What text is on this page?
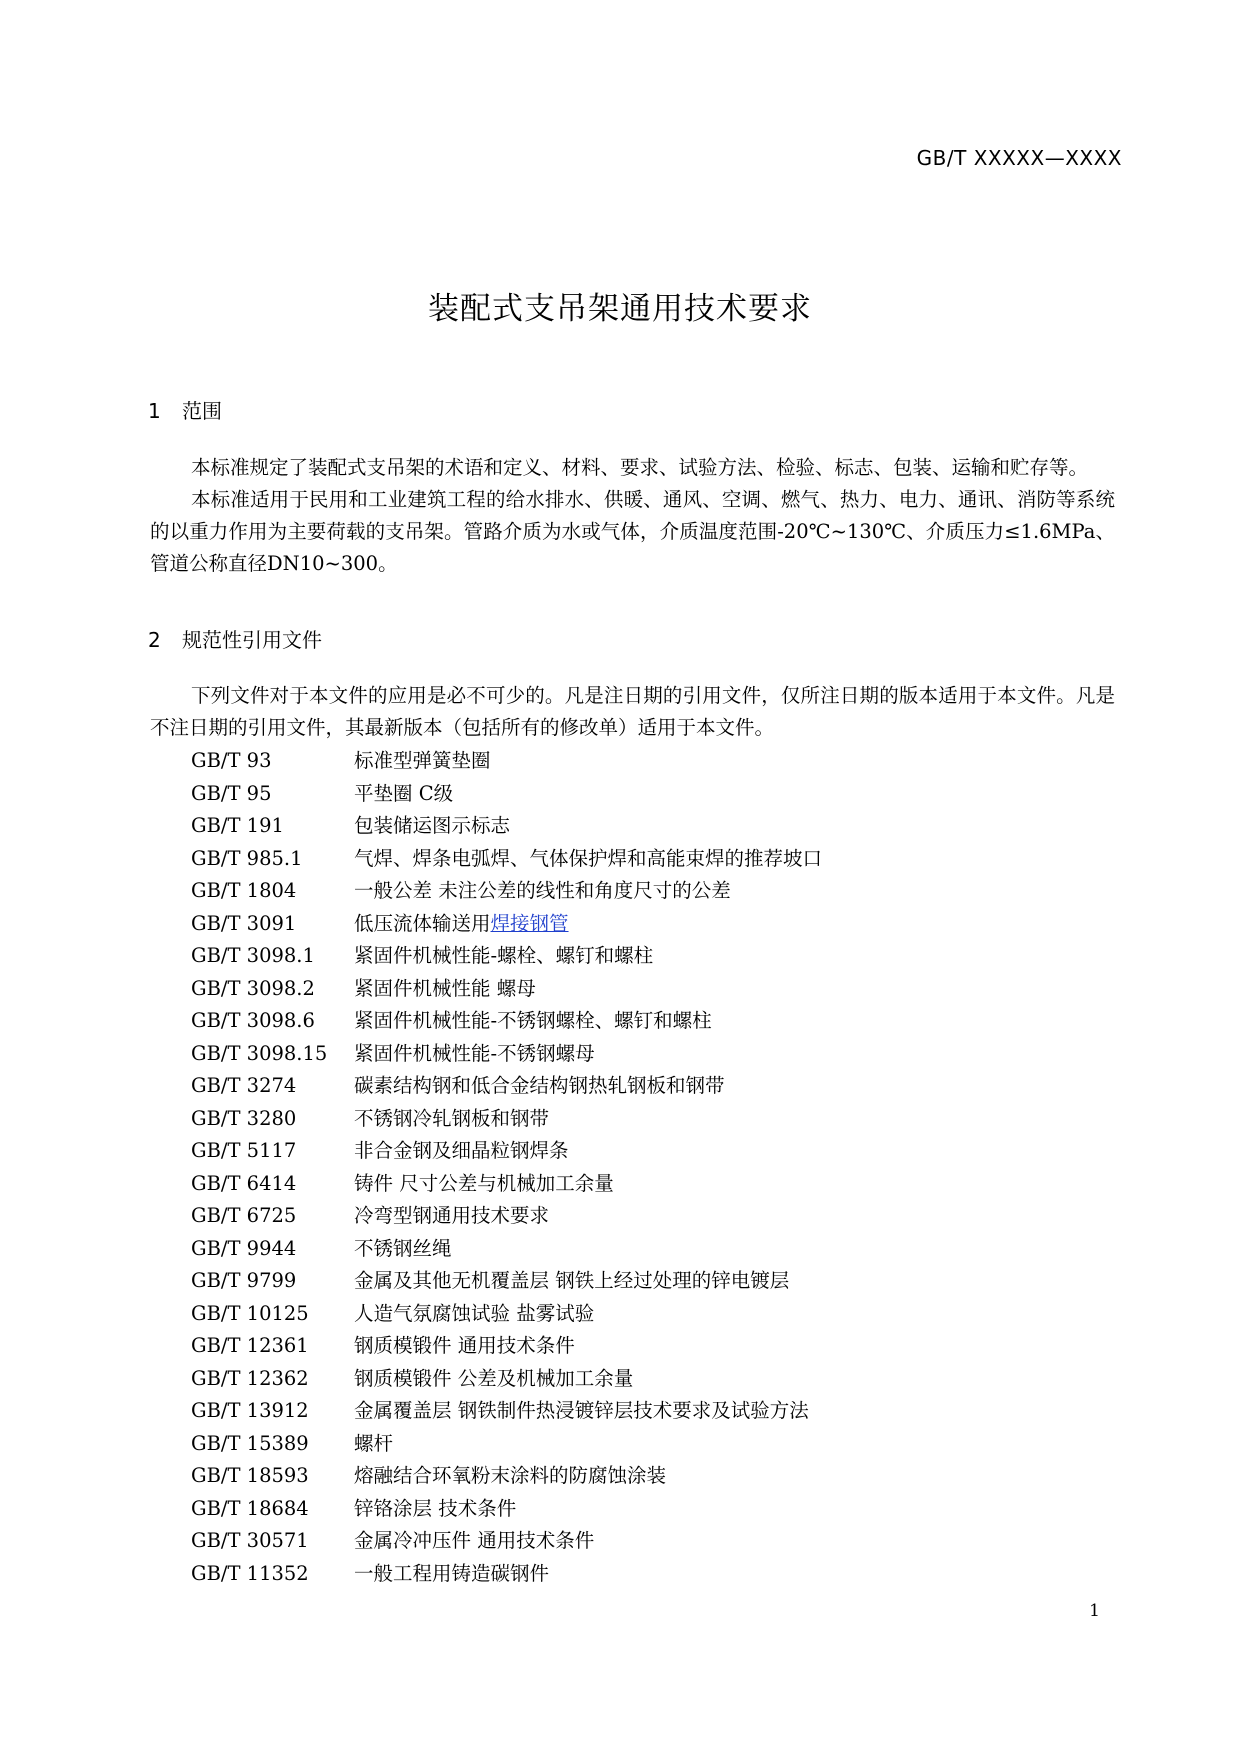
GB/T XXXXX—XXXX
装配式支吊架通用技术要求
1 范围

本标准规定了装配式支吊架的术语和定义、材料、要求、试验方法、检验、标志、包装、运输和贮存等。

本标准适用于民用和工业建筑工程的给水排水、供暖、通风、空调、燃气、热力、电力、通讯、消防等系统的以重力作用为主要荷载的支吊架。管路介质为水或气体，介质温度范围-20℃~130℃、介质压力≤1.6MPa、管道公称直径DN10~300。

2 规范性引用文件

下列文件对于本文件的应用是必不可少的。凡是注日期的引用文件，仅所注日期的版本适用于本文件。凡是不注日期的引用文件，其最新版本（包括所有的修改单）适用于本文件。

GB/T 93	标准型弹簧垫圈
GB/T 95	平垫圈 C级
GB/T 191	包装储运图示标志
GB/T 985.1	气焊、焊条电弧焊、气体保护焊和高能束焊的推荐坡口
GB/T 1804	一般公差 未注公差的线性和角度尺寸的公差
GB/T 3091	低压流体输送用焊接钢管
GB/T 3098.1 紧固件机械性能-螺栓、螺钉和螺柱
GB/T 3098.2 紧固件机械性能 螺母
GB/T 3098.6 紧固件机械性能-不锈钢螺栓、螺钉和螺柱
GB/T 3098.15 紧固件机械性能-不锈钢螺母
GB/T 3274	碳素结构钢和低合金结构钢热轧钢板和钢带
GB/T 3280	不锈钢冷轧钢板和钢带
GB/T 5117	非合金钢及细晶粒钢焊条
GB/T 6414	铸件 尺寸公差与机械加工余量
GB/T 6725	冷弯型钢通用技术要求
GB/T 9944	不锈钢丝绳
GB/T 9799	金属及其他无机覆盖层 钢铁上经过处理的锌电镀层
GB/T 10125 人造气氛腐蚀试验 盐雾试验
GB/T 12361 钢质模锻件 通用技术条件
GB/T 12362 钢质模锻件 公差及机械加工余量
GB/T 13912 金属覆盖层 钢铁制件热浸镀锌层技术要求及试验方法
GB/T 15389 螺杆
GB/T 18593 熔融结合环氧粉末涂料的防腐蚀涂装
GB/T 18684 锌铬涂层 技术条件
GB/T 30571 金属冷冲压件 通用技术条件
GB/T 11352 一般工程用铸造碳钢件
1
